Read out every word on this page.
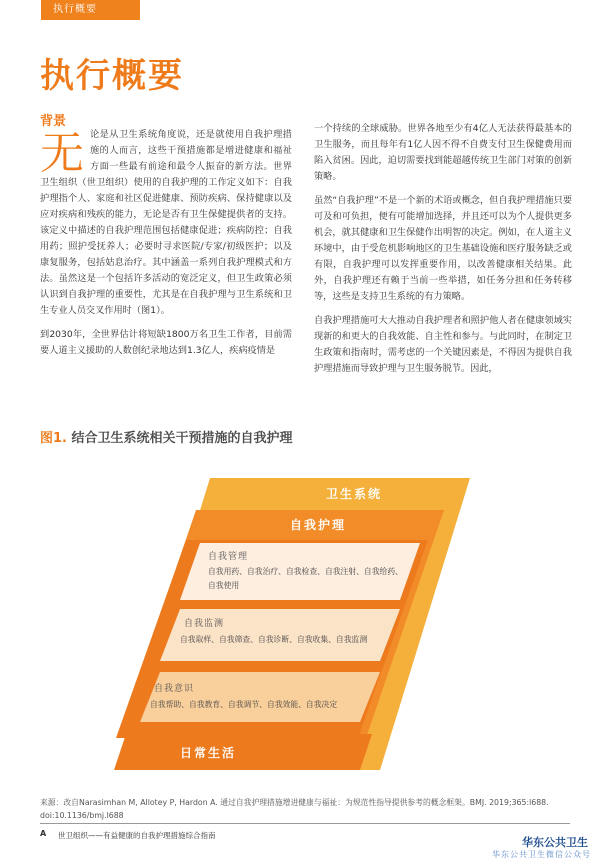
执行概要
执行概要
背景

无论是从卫生系统角度说，还是就使用自我护理措施的人而言，这些干预措施都是增进健康和福祉方面一些最有前途和最令人振奋的新方法。世界卫生组织（世卫组织）使用的自我护理的工作定义如下：自我护理指个人、家庭和社区促进健康、预防疾病、保持健康以及应对疾病和残疾的能力，无论是否有卫生保健提供者的支持。该定义中描述的自我护理范围包括健康促进；疾病防控；自我用药；照护受抚养人；必要时寻求医院/专家/初级医护；以及康复服务，包括姑息治疗。其中涵盖一系列自我护理模式和方法。虽然这是一个包括许多活动的宽泛定义，但卫生政策必须认识到自我护理的重要性，尤其是在自我护理与卫生系统和卫生专业人员交叉作用时（图1）。

到2030年，全世界估计将短缺1800万名卫生工作者，目前需要人道主义援助的人数创纪录地达到1.3亿人，疾病疫情是

一个持续的全球威胁。世界各地至少有4亿人无法获得最基本的卫生服务，而且每年有1亿人因不得不自费支付卫生保健费用而陷入贫困。因此，迫切需要找到能超越传统卫生部门对策的创新策略。

虽然“自我护理”不是一个新的术语或概念，但自我护理措施只要可及和可负担，便有可能增加选择，并且还可以为个人提供更多机会，就其健康和卫生保健作出明智的决定。例如，在人道主义环境中，由于受危机影响地区的卫生基础设施和医疗服务缺乏或有限，自我护理可以发挥重要作用，以改善健康相关结果。此外，自我护理还有赖于当前一些举措，如任务分担和任务转移等，这些是支持卫生系统的有力策略。

自我护理措施可大大推动自我护理者和照护他人者在健康领域实现新的和更大的自我效能、自主性和参与。与此同时，在制定卫生政策和指南时，需考虑的一个关键因素是，不得因为提供自我护理措施而导致护理与卫生服务脱节。因此，

图1. 结合卫生系统相关干预措施的自我护理
卫生系统
自我护理
自我管理
自我用药、自我治疗、自我检查、自我注射、自我给药、
自我使用
自我监测
自我取样、自我筛查、自我诊断、自我收集、自我监测
自我意识
自我帮助、自我教育、自我调节、自我效能、自我决定
日常生活
来源：改自Narasimhan M, Allotey P, Hardon A. 通过自我护理措施增进健康与福祉：为规范性指导提供参考的概念框架。BMJ. 2019;365:l688.
doi:10.1136/bmj.l688
A 世卫组织——有益健康的自我护理措施综合指南
华东公共卫生
华东公共卫生微信公众号
